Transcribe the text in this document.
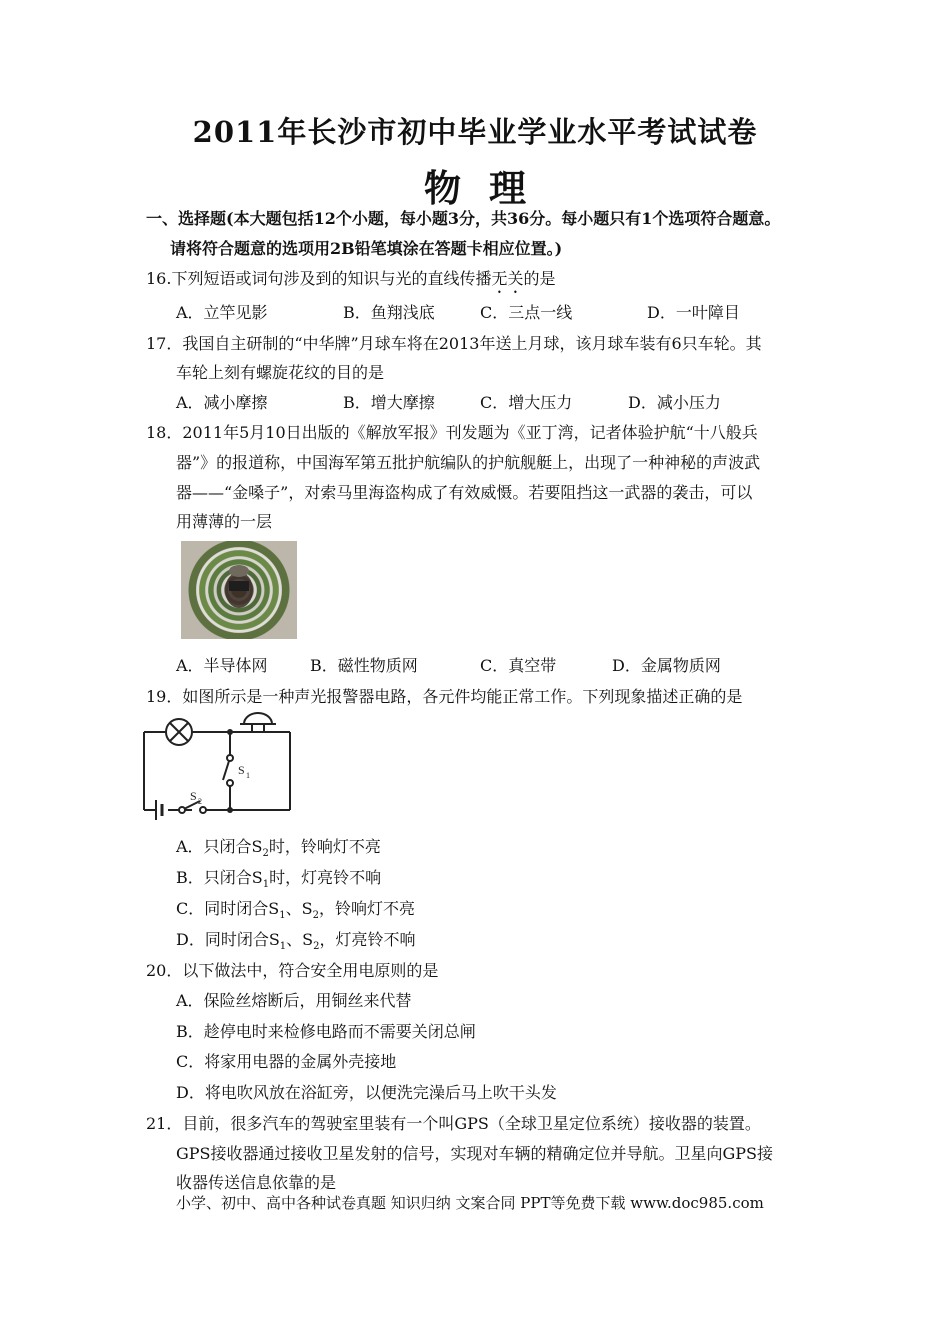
2011年长沙市初中毕业学业水平考试试卷
物理
一、选择题(本大题包括12个小题，每小题3分，共36分。每小题只有1个选项符合题意。
请将符合题意的选项用2B铅笔填涂在答题卡相应位置。)
16.下列短语或词句涉及到的知识与光的直线传播无关的是
A．立竿见影	B．鱼翔浅底	C．三点一线	D．一叶障目
17．我国自主研制的“中华牌”月球车将在2013年送上月球，该月球车装有6只车轮。其
车轮上刻有螺旋花纹的目的是
A．减小摩擦	B．增大摩擦	C．增大压力	D．减小压力
18．2011年5月10日出版的《解放军报》刊发题为《亚丁湾，记者体验护航“十八般兵
器”》的报道称，中国海军第五批护航编队的护航舰艇上，出现了一种神秘的声波武
器——“金嗓子”，对索马里海盗构成了有效威慑。若要阻挡这一武器的袭击，可以
用薄薄的一层
A．半导体网	B．磁性物质网	C．真空带	D．金属物质网
19．如图所示是一种声光报警器电路，各元件均能正常工作。下列现象描述正确的是
S 1
S 2
A．只闭合$S_2$时，铃响灯不亮
B．只闭合$S_1$时，灯亮铃不响
C．同时闭合$S_1$、$S_2$，铃响灯不亮
D．同时闭合$S_1$、$S_2$，灯亮铃不响
20．以下做法中，符合安全用电原则的是
A．保险丝熔断后，用铜丝来代替
B．趁停电时来检修电路而不需要关闭总闸
C．将家用电器的金属外壳接地
D．将电吹风放在浴缸旁，以便洗完澡后马上吹干头发
21．目前，很多汽车的驾驶室里装有一个叫GPS（全球卫星定位系统）接收器的装置。
GPS接收器通过接收卫星发射的信号，实现对车辆的精确定位并导航。卫星向GPS接
收器传送信息依靠的是
小学、初中、高中各种试卷真题 知识归纳 文案合同 PPT等免费下载 www.doc985.com
